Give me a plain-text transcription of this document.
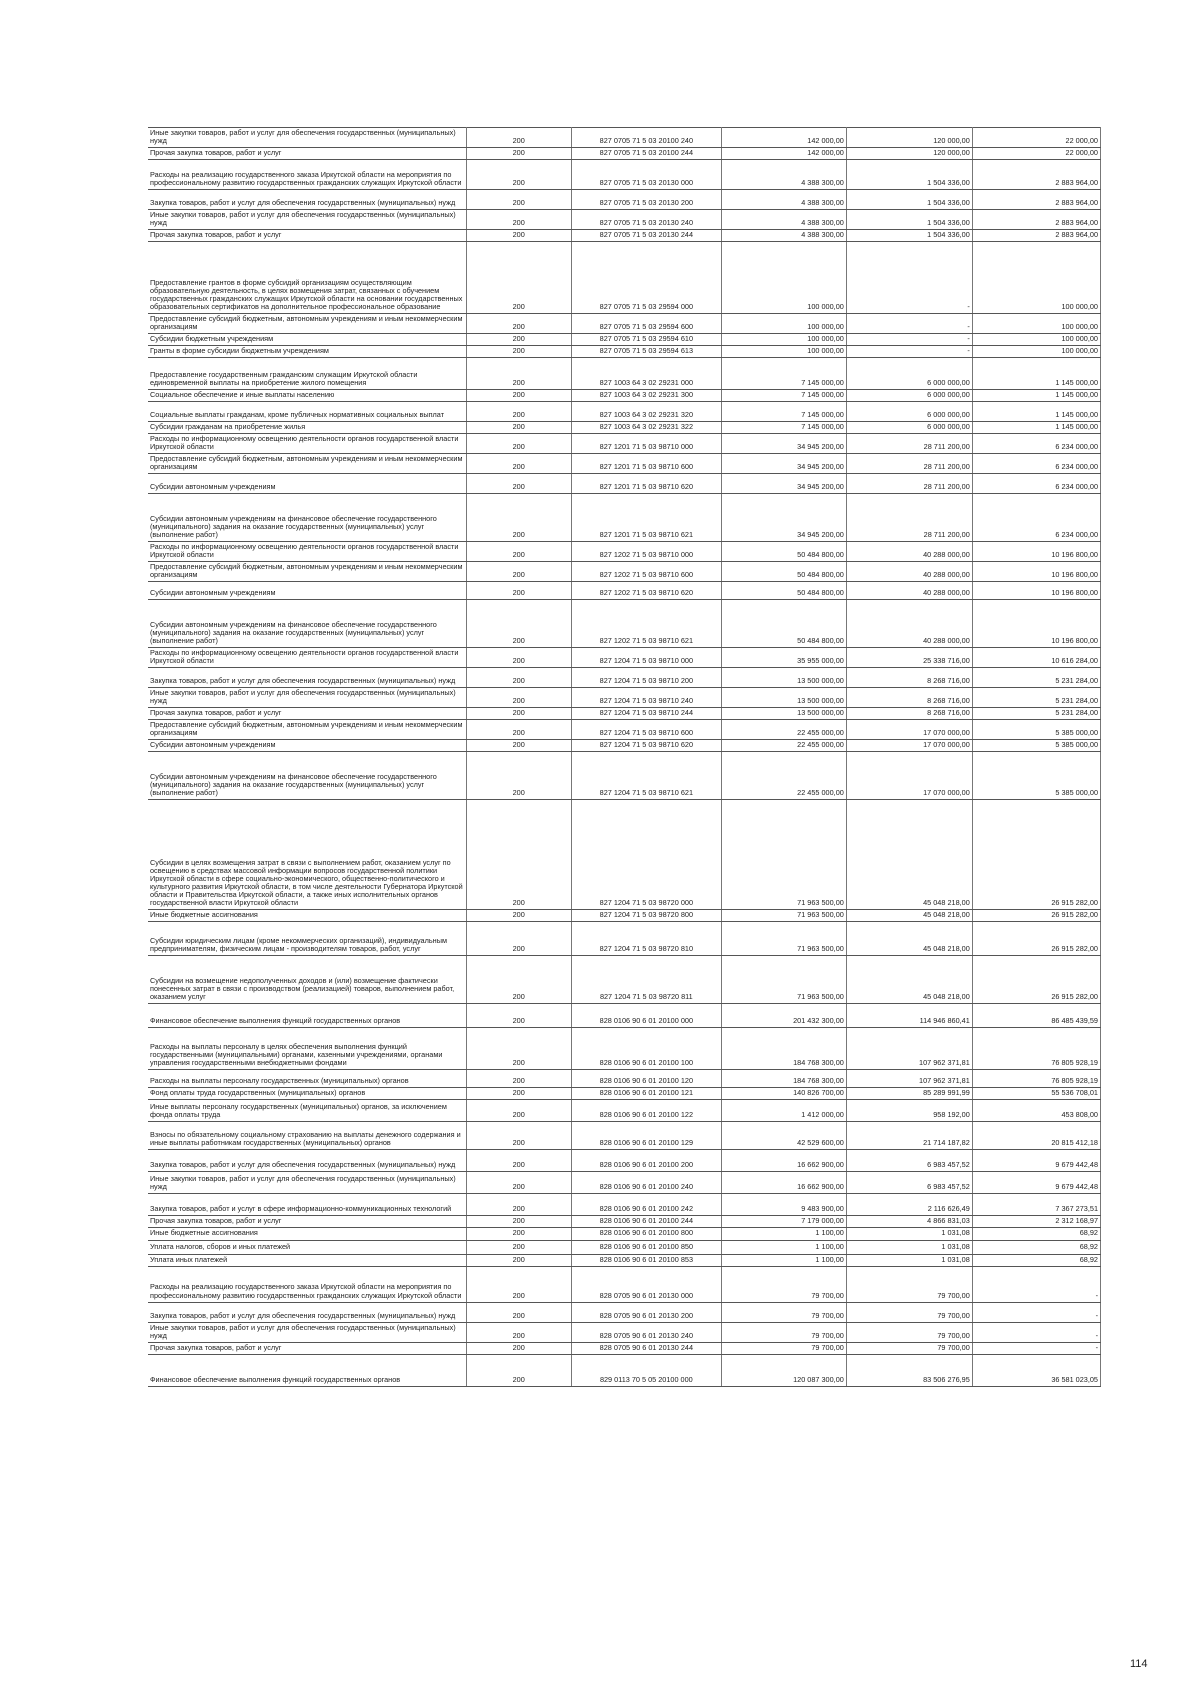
Иные закупки товаров, работ и услуг для обеспечения государственных (муниципальных) нужд	200	827 0705 71 5 03 20100 240	142 000,00	120 000,00	22 000,00
Прочая закупка товаров, работ и услуг	200	827 0705 71 5 03 20100 244	142 000,00	120 000,00	22 000,00
Расходы на реализацию государственного заказа Иркутской области на мероприятия по профессиональному развитию государственных гражданских служащих Иркутской области	200	827 0705 71 5 03 20130 000	4 388 300,00	1 504 336,00	2 883 964,00
Закупка товаров, работ и услуг для обеспечения государственных (муниципальных) нужд	200	827 0705 71 5 03 20130 200	4 388 300,00	1 504 336,00	2 883 964,00
Иные закупки товаров, работ и услуг для обеспечения государственных (муниципальных) нужд	200	827 0705 71 5 03 20130 240	4 388 300,00	1 504 336,00	2 883 964,00
Прочая закупка товаров, работ и услуг	200	827 0705 71 5 03 20130 244	4 388 300,00	1 504 336,00	2 883 964,00
Предоставление грантов в форме субсидий организациям осуществляющим образовательную деятельность, в целях возмещения затрат, связанных с обучением государственных гражданских служащих Иркутской области на основании государственных образовательных сертификатов на дополнительное профессиональное образование	200	827 0705 71 5 03 29594 000	100 000,00	-	100 000,00
Предоставление субсидий бюджетным, автономным учреждениям и иным некоммерческим организациям	200	827 0705 71 5 03 29594 600	100 000,00	-	100 000,00
Субсидии бюджетным учреждениям	200	827 0705 71 5 03 29594 610	100 000,00	-	100 000,00
Гранты в форме субсидии бюджетным учреждениям	200	827 0705 71 5 03 29594 613	100 000,00	-	100 000,00
Предоставление государственным гражданским служащим Иркутской области единовременной выплаты на приобретение жилого помещения	200	827 1003 64 3 02 29231 000	7 145 000,00	6 000 000,00	1 145 000,00
Социальное обеспечение и иные выплаты населению	200	827 1003 64 3 02 29231 300	7 145 000,00	6 000 000,00	1 145 000,00
Социальные выплаты гражданам, кроме публичных нормативных социальных выплат	200	827 1003 64 3 02 29231 320	7 145 000,00	6 000 000,00	1 145 000,00
Субсидии гражданам на приобретение жилья	200	827 1003 64 3 02 29231 322	7 145 000,00	6 000 000,00	1 145 000,00
Расходы по информационному освещению деятельности органов государственной власти Иркутской области	200	827 1201 71 5 03 98710 000	34 945 200,00	28 711 200,00	6 234 000,00
Предоставление субсидий бюджетным, автономным учреждениям и иным некоммерческим организациям	200	827 1201 71 5 03 98710 600	34 945 200,00	28 711 200,00	6 234 000,00
Субсидии автономным учреждениям	200	827 1201 71 5 03 98710 620	34 945 200,00	28 711 200,00	6 234 000,00
Субсидии автономным учреждениям на финансовое обеспечение государственного (муниципального) задания на оказание государственных (муниципальных) услуг (выполнение работ)	200	827 1201 71 5 03 98710 621	34 945 200,00	28 711 200,00	6 234 000,00
Расходы по информационному освещению деятельности органов государственной власти Иркутской области	200	827 1202 71 5 03 98710 000	50 484 800,00	40 288 000,00	10 196 800,00
Предоставление субсидий бюджетным, автономным учреждениям и иным некоммерческим организациям	200	827 1202 71 5 03 98710 600	50 484 800,00	40 288 000,00	10 196 800,00
Субсидии автономным учреждениям	200	827 1202 71 5 03 98710 620	50 484 800,00	40 288 000,00	10 196 800,00
Субсидии автономным учреждениям на финансовое обеспечение государственного (муниципального) задания на оказание государственных (муниципальных) услуг (выполнение работ)	200	827 1202 71 5 03 98710 621	50 484 800,00	40 288 000,00	10 196 800,00
Расходы по информационному освещению деятельности органов государственной власти Иркутской области	200	827 1204 71 5 03 98710 000	35 955 000,00	25 338 716,00	10 616 284,00
Закупка товаров, работ и услуг для обеспечения государственных (муниципальных) нужд	200	827 1204 71 5 03 98710 200	13 500 000,00	8 268 716,00	5 231 284,00
Иные закупки товаров, работ и услуг для обеспечения государственных (муниципальных) нужд	200	827 1204 71 5 03 98710 240	13 500 000,00	8 268 716,00	5 231 284,00
Прочая закупка товаров, работ и услуг	200	827 1204 71 5 03 98710 244	13 500 000,00	8 268 716,00	5 231 284,00
Предоставление субсидий бюджетным, автономным учреждениям и иным некоммерческим организациям	200	827 1204 71 5 03 98710 600	22 455 000,00	17 070 000,00	5 385 000,00
Субсидии автономным учреждениям	200	827 1204 71 5 03 98710 620	22 455 000,00	17 070 000,00	5 385 000,00
Субсидии автономным учреждениям на финансовое обеспечение государственного (муниципального) задания на оказание государственных (муниципальных) услуг (выполнение работ)	200	827 1204 71 5 03 98710 621	22 455 000,00	17 070 000,00	5 385 000,00
Субсидии в целях возмещения затрат в связи с выполнением работ, оказанием услуг по освещению в средствах массовой информации вопросов государственной политики Иркутской области в сфере социально-экономического, общественно-политического и культурного развития Иркутской области, в том числе деятельности Губернатора Иркутской области и Правительства Иркутской области, а также иных исполнительных органов государственной власти Иркутской области	200	827 1204 71 5 03 98720 000	71 963 500,00	45 048 218,00	26 915 282,00
Иные бюджетные ассигнования	200	827 1204 71 5 03 98720 800	71 963 500,00	45 048 218,00	26 915 282,00
Субсидии юридическим лицам (кроме некоммерческих организаций), индивидуальным предпринимателям, физическим лицам - производителям товаров, работ, услуг	200	827 1204 71 5 03 98720 810	71 963 500,00	45 048 218,00	26 915 282,00
Субсидии на возмещение недополученных доходов и (или) возмещение фактически понесенных затрат в связи с производством (реализацией) товаров, выполнением работ, оказанием услуг	200	827 1204 71 5 03 98720 811	71 963 500,00	45 048 218,00	26 915 282,00
Финансовое обеспечение выполнения функций государственных органов	200	828 0106 90 6 01 20100 000	201 432 300,00	114 946 860,41	86 485 439,59
Расходы на выплаты персоналу в целях обеспечения выполнения функций государственными (муниципальными) органами, казенными учреждениями, органами управления государственными внебюджетными фондами	200	828 0106 90 6 01 20100 100	184 768 300,00	107 962 371,81	76 805 928,19
Расходы на выплаты персоналу государственных (муниципальных) органов	200	828 0106 90 6 01 20100 120	184 768 300,00	107 962 371,81	76 805 928,19
Фонд оплаты труда государственных (муниципальных) органов	200	828 0106 90 6 01 20100 121	140 826 700,00	85 289 991,99	55 536 708,01
Иные выплаты персоналу государственных (муниципальных) органов, за исключением фонда оплаты труда	200	828 0106 90 6 01 20100 122	1 412 000,00	958 192,00	453 808,00
Взносы по обязательному социальному страхованию на выплаты денежного содержания и иные выплаты работникам государственных (муниципальных) органов	200	828 0106 90 6 01 20100 129	42 529 600,00	21 714 187,82	20 815 412,18
Закупка товаров, работ и услуг для обеспечения государственных (муниципальных) нужд	200	828 0106 90 6 01 20100 200	16 662 900,00	6 983 457,52	9 679 442,48
Иные закупки товаров, работ и услуг для обеспечения государственных (муниципальных) нужд	200	828 0106 90 6 01 20100 240	16 662 900,00	6 983 457,52	9 679 442,48
Закупка товаров, работ и услуг в сфере информационно-коммуникационных технологий	200	828 0106 90 6 01 20100 242	9 483 900,00	2 116 626,49	7 367 273,51
Прочая закупка товаров, работ и услуг	200	828 0106 90 6 01 20100 244	7 179 000,00	4 866 831,03	2 312 168,97
Иные бюджетные ассигнования	200	828 0106 90 6 01 20100 800	1 100,00	1 031,08	68,92
Уплата налогов, сборов и иных платежей	200	828 0106 90 6 01 20100 850	1 100,00	1 031,08	68,92
Уплата иных платежей	200	828 0106 90 6 01 20100 853	1 100,00	1 031,08	68,92
Расходы на реализацию государственного заказа Иркутской области на мероприятия по профессиональному развитию государственных гражданских служащих Иркутской области	200	828 0705 90 6 01 20130 000	79 700,00	79 700,00	-
Закупка товаров, работ и услуг для обеспечения государственных (муниципальных) нужд	200	828 0705 90 6 01 20130 200	79 700,00	79 700,00	-
Иные закупки товаров, работ и услуг для обеспечения государственных (муниципальных) нужд	200	828 0705 90 6 01 20130 240	79 700,00	79 700,00	-
Прочая закупка товаров, работ и услуг	200	828 0705 90 6 01 20130 244	79 700,00	79 700,00	-
Финансовое обеспечение выполнения функций государственных органов	200	829 0113 70 5 05 20100 000	120 087 300,00	83 506 276,95	36 581 023,05
114
